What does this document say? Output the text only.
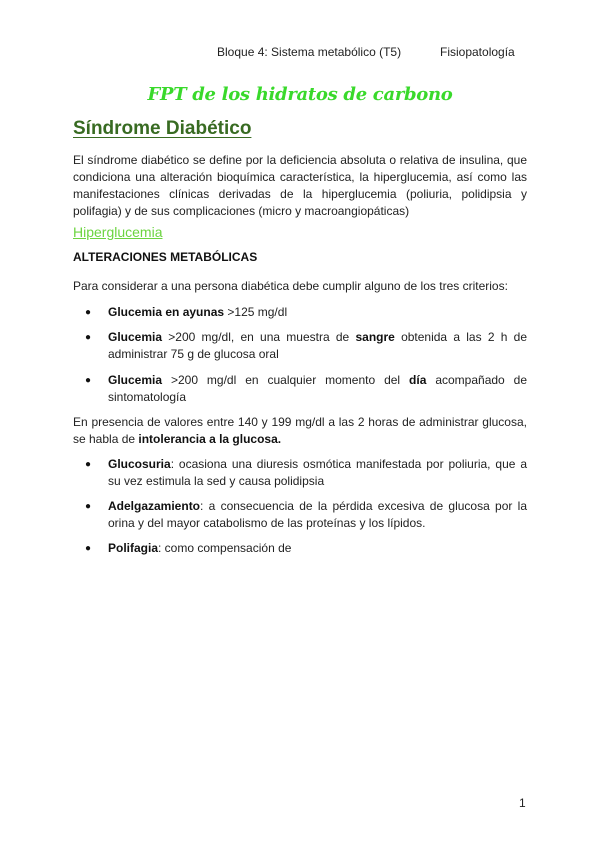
Bloque 4: Sistema metabólico (T5)	Fisiopatología
FPT de los hidratos de carbono
Síndrome Diabético
El síndrome diabético se define por la deficiencia absoluta o relativa de insulina, que condiciona una alteración bioquímica característica, la hiperglucemia, así como las manifestaciones clínicas derivadas de la hiperglucemia (poliuria, polidipsia y polifagia) y de sus complicaciones (micro y macroangiopáticas)
Hiperglucemia
ALTERACIONES METABÓLICAS
Para considerar a una persona diabética debe cumplir alguno de los tres criterios:
●	Glucemia en ayunas >125 mg/dl
●	Glucemia >200 mg/dl, en una muestra de sangre obtenida a las 2 h de administrar 75 g de glucosa oral
●	Glucemia >200 mg/dl en cualquier momento del día acompañado de sintomatología
En presencia de valores entre 140 y 199 mg/dl a las 2 horas de administrar glucosa, se habla de intolerancia a la glucosa.
●	Glucosuria: ocasiona una diuresis osmótica manifestada por poliuria, que a su vez estimula la sed y causa polidipsia
●	Adelgazamiento: a consecuencia de la pérdida excesiva de glucosa por la orina y del mayor catabolismo de las proteínas y los lípidos.
●	Polifagia: como compensación de
1
